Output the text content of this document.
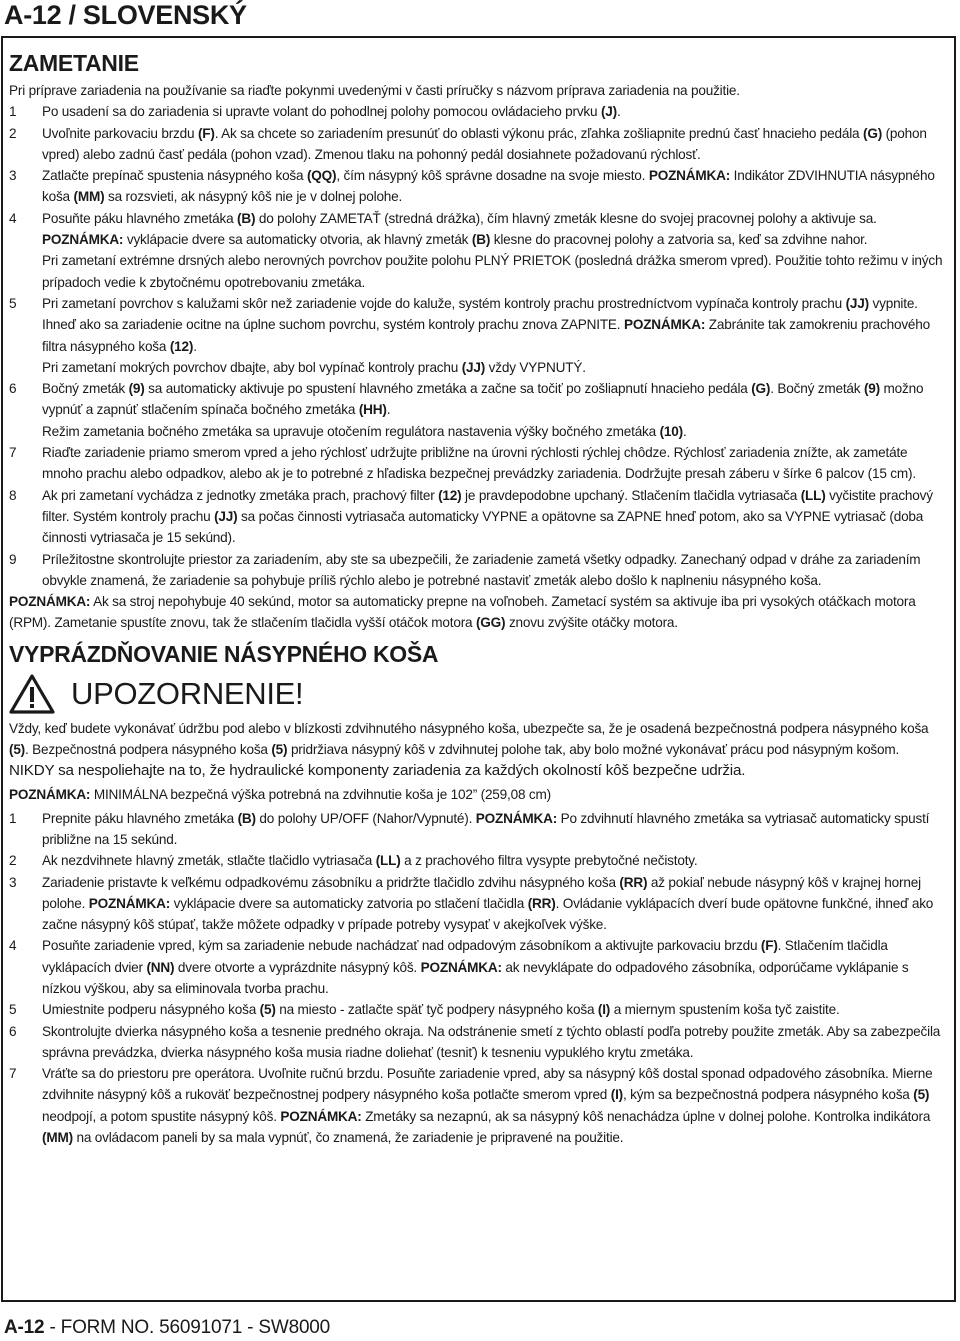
A-12 / SLOVENSKÝ
ZAMETANIE

Pri príprave zariadenia na používanie sa riaďte pokynmi uvedenými v časti príručky s názvom príprava zariadenia na použitie.

1	Po usadení sa do zariadenia si upravte volant do pohodlnej polohy pomocou ovládacieho prvku (J).
2	Uvoľnite parkovaciu brzdu (F). Ak sa chcete so zariadením presunúť do oblasti výkonu prác, zľahka zošliapnite prednú časť hnacieho pedála (G) (pohon vpred) alebo zadnú časť pedála (pohon vzad). Zmenou tlaku na pohonný pedál dosiahnete požadovanú rýchlosť.
3	Zatlačte prepínač spustenia násypného koša (QQ), čím násypný kôš správne dosadne na svoje miesto. POZNÁMKA: Indikátor ZDVIHNUTIA násypného koša (MM) sa rozsvieti, ak násypný kôš nie je v dolnej polohe.
4	Posuňte páku hlavného zmetáka (B) do polohy ZAMETAŤ (stredná drážka), čím hlavný zmeták klesne do svojej pracovnej polohy a aktivuje sa. POZNÁMKA: vyklápacie dvere sa automaticky otvoria, ak hlavný zmeták (B) klesne do pracovnej polohy a zatvoria sa, keď sa zdvihne nahor.
Pri zametaní extrémne drsných alebo nerovných povrchov použite polohu PLNÝ PRIETOK (posledná drážka smerom vpred). Použitie tohto režimu v iných prípadoch vedie k zbytočnému opotrebovaniu zmetáka.
5	Pri zametaní povrchov s kalužami skôr než zariadenie vojde do kaluže, systém kontroly prachu prostredníctvom vypínača kontroly prachu (JJ) vypnite. Ihneď ako sa zariadenie ocitne na úplne suchom povrchu, systém kontroly prachu znova ZAPNITE. POZNÁMKA: Zabránite tak zamokreniu prachového filtra násypného koša (12).
Pri zametaní mokrých povrchov dbajte, aby bol vypínač kontroly prachu (JJ) vždy VYPNUTÝ.
6	Bočný zmeták (9) sa automaticky aktivuje po spustení hlavného zmetáka a začne sa točiť po zošliapnutí hnacieho pedála (G). Bočný zmeták (9) možno vypnúť a zapnúť stlačením spínača bočného zmetáka (HH).
Režim zametania bočného zmetáka sa upravuje otočením regulátora nastavenia výšky bočného zmetáka (10).
7	Riaďte zariadenie priamo smerom vpred a jeho rýchlosť udržujte približne na úrovni rýchlosti rýchlej chôdze. Rýchlosť zariadenia znížte, ak zametáte mnoho prachu alebo odpadkov, alebo ak je to potrebné z hľadiska bezpečnej prevádzky zariadenia. Dodržujte presah záberu v šírke 6 palcov (15 cm).
8	Ak pri zametaní vychádza z jednotky zmetáka prach, prachový filter (12) je pravdepodobne upchaný. Stlačením tlačidla vytriasača (LL) vyčistite prachový filter. Systém kontroly prachu (JJ) sa počas činnosti vytriasača automaticky VYPNE a opätovne sa ZAPNE hneď potom, ako sa VYPNE vytriasač (doba činnosti vytriasača je 15 sekúnd).
9	Príležitostne skontrolujte priestor za zariadením, aby ste sa ubezpečili, že zariadenie zametá všetky odpadky. Zanechaný odpad v dráhe za zariadením obvykle znamená, že zariadenie sa pohybuje príliš rýchlo alebo je potrebné nastaviť zmeták alebo došlo k naplneniu násypného koša.

POZNÁMKA: Ak sa stroj nepohybuje 40 sekúnd, motor sa automaticky prepne na voľnobeh. Zametací systém sa aktivuje iba pri vysokých otáčkach motora (RPM). Zametanie spustíte znovu, tak že stlačením tlačidla vyšší otáčok motora (GG) znovu zvýšite otáčky motora.

VYPRÁZDŇOVANIE NÁSYPNÉHO KOŠA
UPOZORNENIE!

Vždy, keď budete vykonávať údržbu pod alebo v blízkosti zdvihnutého násypného koša, ubezpečte sa, že je osadená bezpečnostná podpera násypného koša (5). Bezpečnostná podpera násypného koša (5) pridržiava násypný kôš v zdvihnutej polohe tak, aby bolo možné vykonávať prácu pod násypným košom.

NIKDY sa nespoliehajte na to, že hydraulické komponenty zariadenia za každých okolností kôš bezpečne udržia.

POZNÁMKA: MINIMÁLNA bezpečná výška potrebná na zdvihnutie koša je 102” (259,08 cm)

1	Prepnite páku hlavného zmetáka (B) do polohy UP/OFF (Nahor/Vypnuté). POZNÁMKA: Po zdvihnutí hlavného zmetáka sa vytriasač automaticky spustí približne na 15 sekúnd.
2	Ak nezdvihnete hlavný zmeták, stlačte tlačidlo vytriasača (LL) a z prachového filtra vysypte prebytočné nečistoty.
3	Zariadenie pristavte k veľkému odpadkovému zásobníku a pridržte tlačidlo zdvihu násypného koša (RR) až pokiaľ nebude násypný kôš v krajnej hornej polohe. POZNÁMKA: vyklápacie dvere sa automaticky zatvoria po stlačení tlačidla (RR). Ovládanie vyklápacích dverí bude opätovne funkčné, ihneď ako začne násypný kôš stúpať, takže môžete odpadky v prípade potreby vysypať v akejkoľvek výške.
4	Posuňte zariadenie vpred, kým sa zariadenie nebude nachádzať nad odpadovým zásobníkom a aktivujte parkovaciu brzdu (F). Stlačením tlačidla vyklápacích dvier (NN) dvere otvorte a vyprázdnite násypný kôš. POZNÁMKA: ak nevyklápate do odpadového zásobníka, odporúčame vyklápanie s nízkou výškou, aby sa eliminovala tvorba prachu.
5	Umiestnite podperu násypného koša (5) na miesto - zatlačte späť tyč podpery násypného koša (I) a miernym spustením koša tyč zaistite.
6	Skontrolujte dvierka násypného koša a tesnenie predného okraja. Na odstránenie smetí z týchto oblastí podľa potreby použite zmeták. Aby sa zabezpečila správna prevádzka, dvierka násypného koša musia riadne doliehať (tesniť) k tesneniu vypuklého krytu zmetáka.
7	Vráťte sa do priestoru pre operátora. Uvoľnite ručnú brzdu. Posuňte zariadenie vpred, aby sa násypný kôš dostal sponad odpadového zásobníka. Mierne zdvihnite násypný kôš a rukoväť bezpečnostnej podpery násypného koša potlačte smerom vpred (I), kým sa bezpečnostná podpera násypného koša (5) neodpojí, a potom spustite násypný kôš. POZNÁMKA: Zmetáky sa nezapnú, ak sa násypný kôš nenachádza úplne v dolnej polohe. Kontrolka indikátora (MM) na ovládacom paneli by sa mala vypnúť, čo znamená, že zariadenie je pripravené na použitie.
A-12 - FORM NO. 56091071 - SW8000
